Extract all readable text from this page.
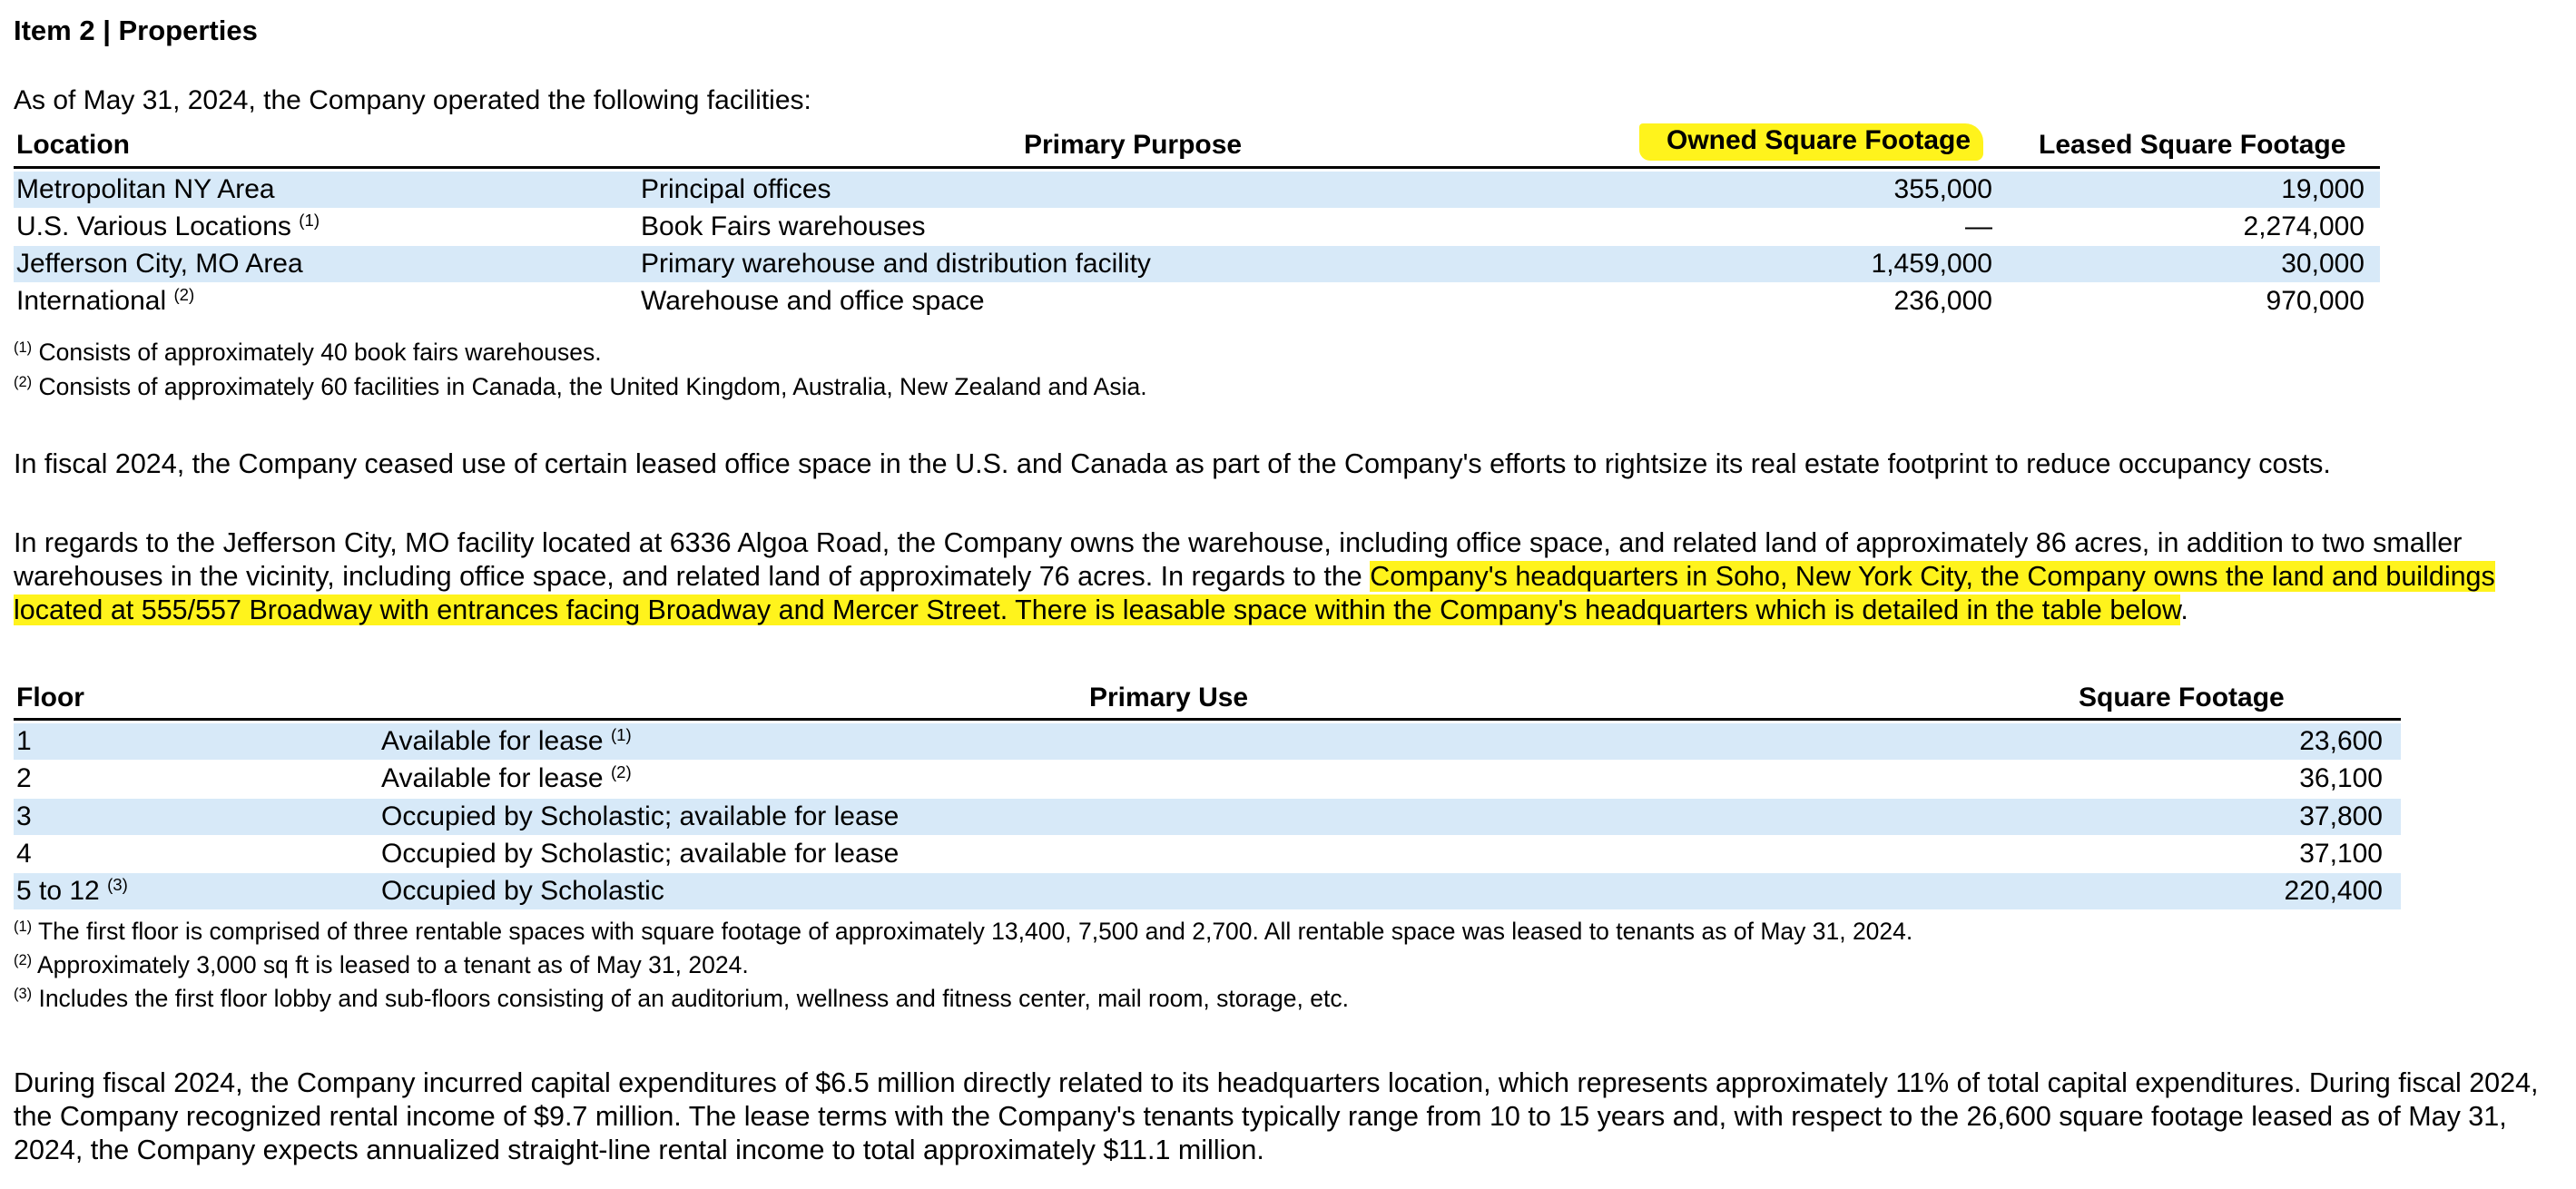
Item 2 | Properties
As of May 31, 2024, the Company operated the following facilities:
Location	Primary Purpose	Owned Square Footage	Leased Square Footage
Metropolitan NY Area	Principal offices	355,000	19,000
U.S. Various Locations $^{(1)}$	Book Fairs warehouses	—	2,274,000
Jefferson City, MO Area	Primary warehouse and distribution facility	1,459,000	30,000
International $^{(2)}$	Warehouse and office space	236,000	970,000
$^{(1)}$ Consists of approximately 40 book fairs warehouses.
$^{(2)}$ Consists of approximately 60 facilities in Canada, the United Kingdom, Australia, New Zealand and Asia.
In fiscal 2024, the Company ceased use of certain leased office space in the U.S. and Canada as part of the Company's efforts to rightsize its real estate footprint to reduce occupancy costs.
In regards to the Jefferson City, MO facility located at 6336 Algoa Road, the Company owns the warehouse, including office space, and related land of approximately 86 acres, in addition to two smaller warehouses in the vicinity, including office space, and related land of approximately 76 acres. In regards to the Company's headquarters in Soho, New York City, the Company owns the land and buildings located at 555/557 Broadway with entrances facing Broadway and Mercer Street. There is leasable space within the Company's headquarters which is detailed in the table below.
Floor	Primary Use	Square Footage
1	Available for lease $^{(1)}$	23,600
2	Available for lease $^{(2)}$	36,100
3	Occupied by Scholastic; available for lease	37,800
4	Occupied by Scholastic; available for lease	37,100
5 to 12 $^{(3)}$	Occupied by Scholastic	220,400
$^{(1)}$ The first floor is comprised of three rentable spaces with square footage of approximately 13,400, 7,500 and 2,700. All rentable space was leased to tenants as of May 31, 2024.
$^{(2)}$ Approximately 3,000 sq ft is leased to a tenant as of May 31, 2024.
$^{(3)}$ Includes the first floor lobby and sub-floors consisting of an auditorium, wellness and fitness center, mail room, storage, etc.
During fiscal 2024, the Company incurred capital expenditures of $6.5 million directly related to its headquarters location, which represents approximately 11% of total capital expenditures. During fiscal 2024, the Company recognized rental income of $9.7 million. The lease terms with the Company's tenants typically range from 10 to 15 years and, with respect to the 26,600 square footage leased as of May 31, 2024, the Company expects annualized straight-line rental income to total approximately $11.1 million.
